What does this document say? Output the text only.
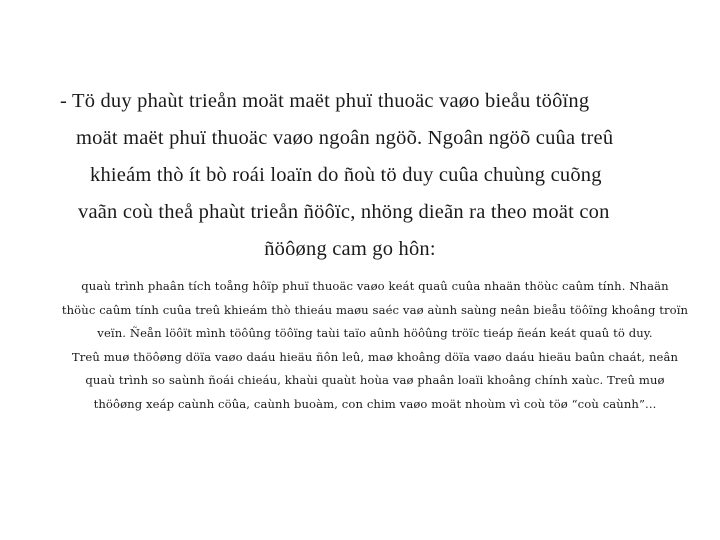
- Tö duy phaùt trieån moät maët phuï thuoäc vaøo bieåu töôïng
moät maët phuï thuoäc vaøo ngoân ngöõ. Ngoân ngöõ cuûa treû
khieám thò ít bò roái loaïn do ñoù tö duy cuûa chuùng cuõng
vaãn coù theå phaùt trieån ñöôïc, nhöng dieãn ra theo moät con
ñöôøng cam go hôn:
quaù trình phaân tích toång hôïp phuï thuoäc vaøo keát quaû cuûa nhaän thöùc caûm tính. Nhaän
thöùc caûm tính cuûa treû khieám thò thieáu maøu saéc vaø aùnh saùng neân bieåu töôïng khoâng troïn
veïn. Ñeån löôït mình töôûng töôïng taùi taïo aûnh höôûng tröïc tieáp ñeán keát quaû tö duy.
Treû muø thöôøng döïa vaøo daáu hieäu ñôn leû, maø khoâng döïa vaøo daáu hieäu baûn chaát, neân
quaù trình so saùnh ñoái chieáu, khaùi quaùt hoùa vaø phaân loaïi khoâng chính xaùc. Treû muø
thöôøng xeáp caùnh cöûa, caùnh buoàm, con chim vaøo moät nhoùm vì coù töø “coù caùnh”...
